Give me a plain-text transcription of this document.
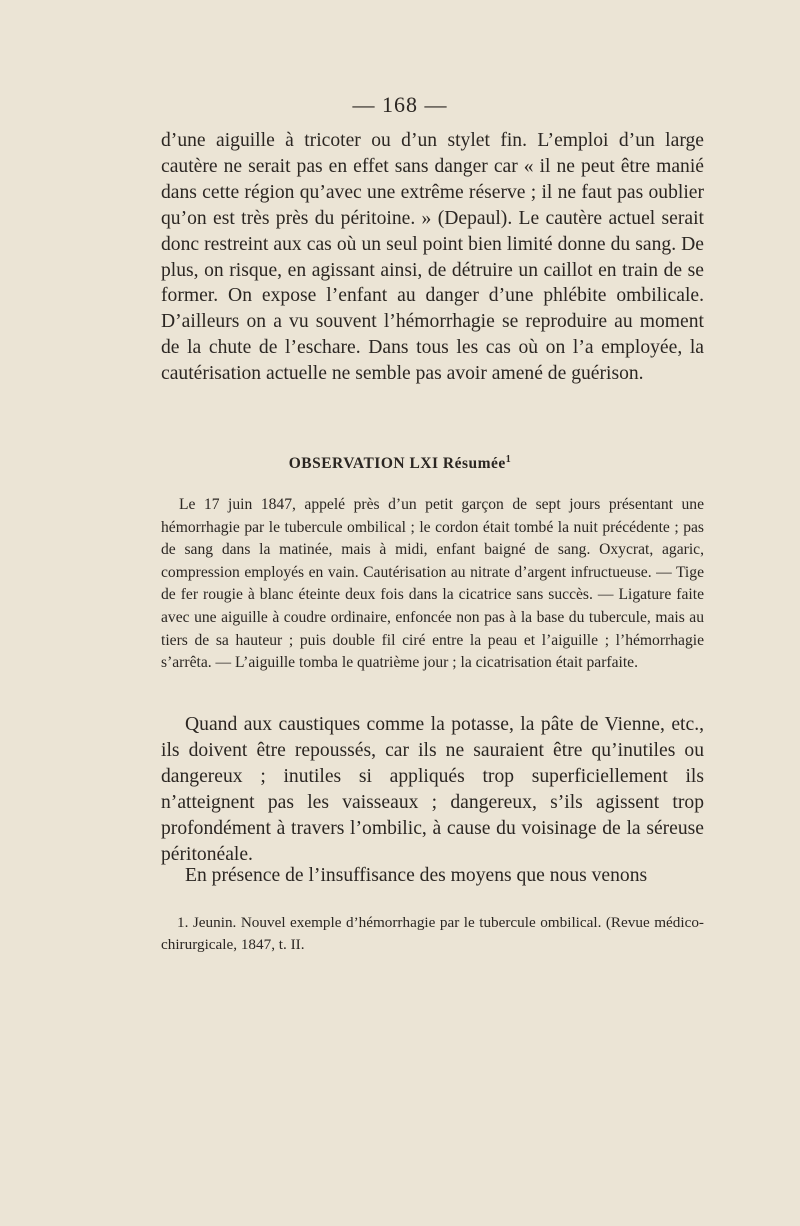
— 168 —

d’une aiguille à tricoter ou d’un stylet fin. L’emploi d’un large cautère ne serait pas en effet sans danger car « il ne peut être manié dans cette région qu’avec une extrême réserve ; il ne faut pas oublier qu’on est très près du péritoine. » (Depaul). Le cautère actuel serait donc restreint aux cas où un seul point bien limité donne du sang. De plus, on risque, en agissant ainsi, de détruire un caillot en train de se former. On expose l’enfant au danger d’une phlébite ombilicale. D’ailleurs on a vu souvent l’hémorrhagie se reproduire au moment de la chute de l’eschare. Dans tous les cas où on l’a employée, la cautérisation actuelle ne semble pas avoir amené de guérison.

OBSERVATION LXI Résumée$^1$

Le 17 juin 1847, appelé près d’un petit garçon de sept jours présentant une hémorrhagie par le tubercule ombilical ; le cordon était tombé la nuit précédente ; pas de sang dans la matinée, mais à midi, enfant baigné de sang. Oxycrat, agaric, compression employés en vain. Cautérisation au nitrate d’argent infructueuse. — Tige de fer rougie à blanc éteinte deux fois dans la cicatrice sans succès. — Ligature faite avec une aiguille à coudre ordinaire, enfoncée non pas à la base du tubercule, mais au tiers de sa hauteur ; puis double fil ciré entre la peau et l’aiguille ; l’hémorrhagie s’arrêta. — L’aiguille tomba le quatrième jour ; la cicatrisation était parfaite.

Quand aux caustiques comme la potasse, la pâte de Vienne, etc., ils doivent être repoussés, car ils ne sauraient être qu’inutiles ou dangereux ; inutiles si appliqués trop superficiellement ils n’atteignent pas les vaisseaux ; dangereux, s’ils agissent trop profondément à travers l’ombilic, à cause du voisinage de la séreuse péritonéale.

En présence de l’insuffisance des moyens que nous venons

1. Jeunin. Nouvel exemple d’hémorrhagie par le tubercule ombilical. (Revue médico-chirurgicale, 1847, t. II.
